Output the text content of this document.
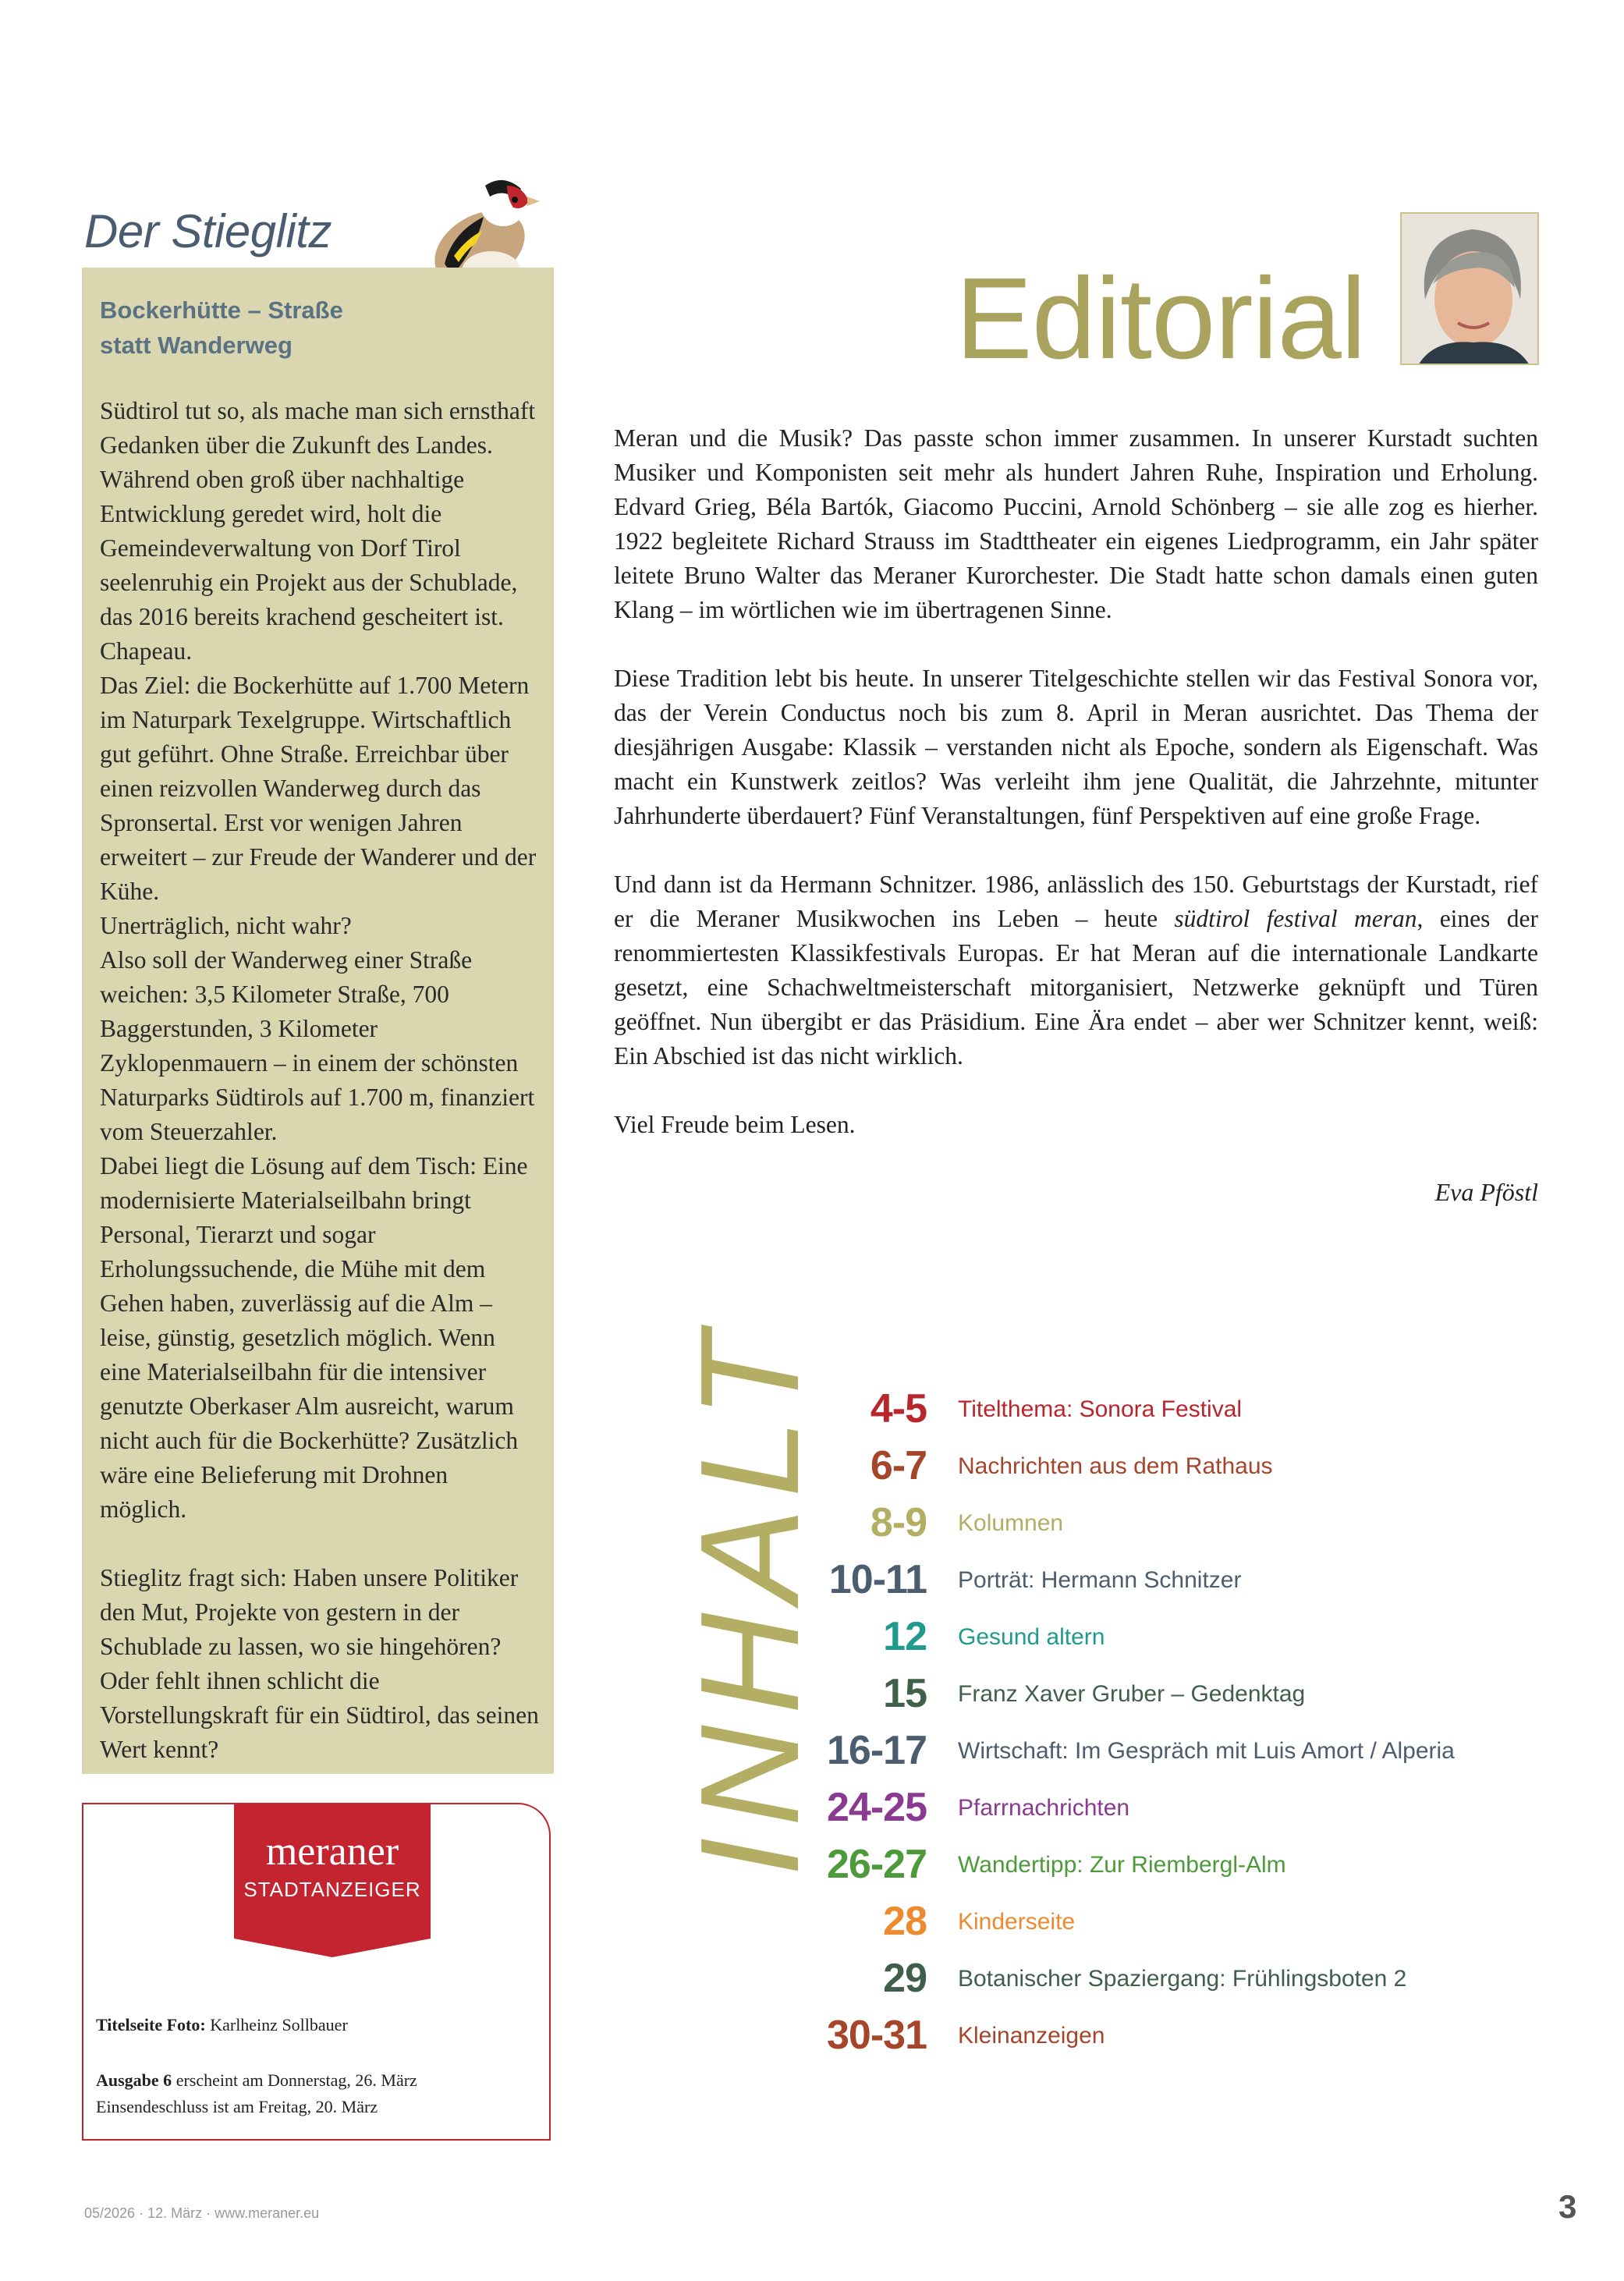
Der Stieglitz
Bockerhütte – Straße statt Wanderweg

Südtirol tut so, als mache man sich ernsthaft Gedanken über die Zukunft des Landes. Während oben groß über nachhaltige Entwicklung geredet wird, holt die Gemeindeverwaltung von Dorf Tirol seelenruhig ein Projekt aus der Schublade, das 2016 bereits krachend gescheitert ist. Chapeau.

Das Ziel: die Bockerhütte auf 1.700 Metern im Naturpark Texelgruppe. Wirtschaftlich gut geführt. Ohne Straße. Erreichbar über einen reizvollen Wanderweg durch das Spronsertal. Erst vor wenigen Jahren erweitert – zur Freude der Wanderer und der Kühe.

Unerträglich, nicht wahr?

Also soll der Wanderweg einer Straße weichen: 3,5 Kilometer Straße, 700 Baggerstunden, 3 Kilometer Zyklopenmauern – in einem der schönsten Naturparks Südtirols auf 1.700 m, finanziert vom Steuerzahler.

Dabei liegt die Lösung auf dem Tisch: Eine modernisierte Materialseilbahn bringt Personal, Tierarzt und sogar Erholungssuchende, die Mühe mit dem Gehen haben, zuverlässig auf die Alm – leise, günstig, gesetzlich möglich. Wenn eine Materialseilbahn für die intensiver genutzte Oberkaser Alm ausreicht, warum nicht auch für die Bockerhütte? Zusätzlich wäre eine Belieferung mit Drohnen möglich.

Stieglitz fragt sich: Haben unsere Politiker den Mut, Projekte von gestern in der Schublade zu lassen, wo sie hingehören? Oder fehlt ihnen schlicht die Vorstellungskraft für ein Südtirol, das seinen Wert kennt?

meraner
STADTANZEIGER
Titelseite Foto: Karlheinz Sollbauer
Ausgabe 6 erscheint am Donnerstag, 26. März
Einsendeschluss ist am Freitag, 20. März
Editorial

Meran und die Musik? Das passte schon immer zusammen. In unserer Kurstadt suchten Musiker und Komponisten seit mehr als hundert Jahren Ruhe, Inspiration und Erholung. Edvard Grieg, Béla Bartók, Giacomo Puccini, Arnold Schönberg – sie alle zog es hierher. 1922 begleitete Richard Strauss im Stadttheater ein eigenes Liedprogramm, ein Jahr später leitete Bruno Walter das Meraner Kurorchester. Die Stadt hatte schon damals einen guten Klang – im wörtlichen wie im übertragenen Sinne.

Diese Tradition lebt bis heute. In unserer Titelgeschichte stellen wir das Festival Sonora vor, das der Verein Conductus noch bis zum 8. April in Meran ausrichtet. Das Thema der diesjährigen Ausgabe: Klassik – verstanden nicht als Epoche, sondern als Eigenschaft. Was macht ein Kunstwerk zeitlos? Was verleiht ihm jene Qualität, die Jahrzehnte, mitunter Jahrhunderte überdauert? Fünf Veranstaltungen, fünf Perspektiven auf eine große Frage.

Und dann ist da Hermann Schnitzer. 1986, anlässlich des 150. Geburtstags der Kurstadt, rief er die Meraner Musikwochen ins Leben – heute südtirol festival meran, eines der renommiertesten Klassikfestivals Europas. Er hat Meran auf die internationale Landkarte gesetzt, eine Schachweltmeisterschaft mitorganisiert, Netzwerke geknüpft und Türen geöffnet. Nun übergibt er das Präsidium. Eine Ära endet – aber wer Schnitzer kennt, weiß: Ein Abschied ist das nicht wirklich.

Viel Freude beim Lesen.

Eva Pföstl
INHALT 4-5 Titelthema: Sonora Festival
6-7 Nachrichten aus dem Rathaus
8-9 Kolumnen
10-11 Porträt: Hermann Schnitzer
12 Gesund altern
15 Franz Xaver Gruber – Gedenktag
16-17 Wirtschaft: Im Gespräch mit Luis Amort / Alperia
24-25 Pfarrnachrichten
26-27 Wandertipp: Zur Riembergl-Alm
28 Kinderseite
29 Botanischer Spaziergang: Frühlingsboten 2
30-31 Kleinanzeigen
05/2026 · 12. März · www.meraner.eu	3
